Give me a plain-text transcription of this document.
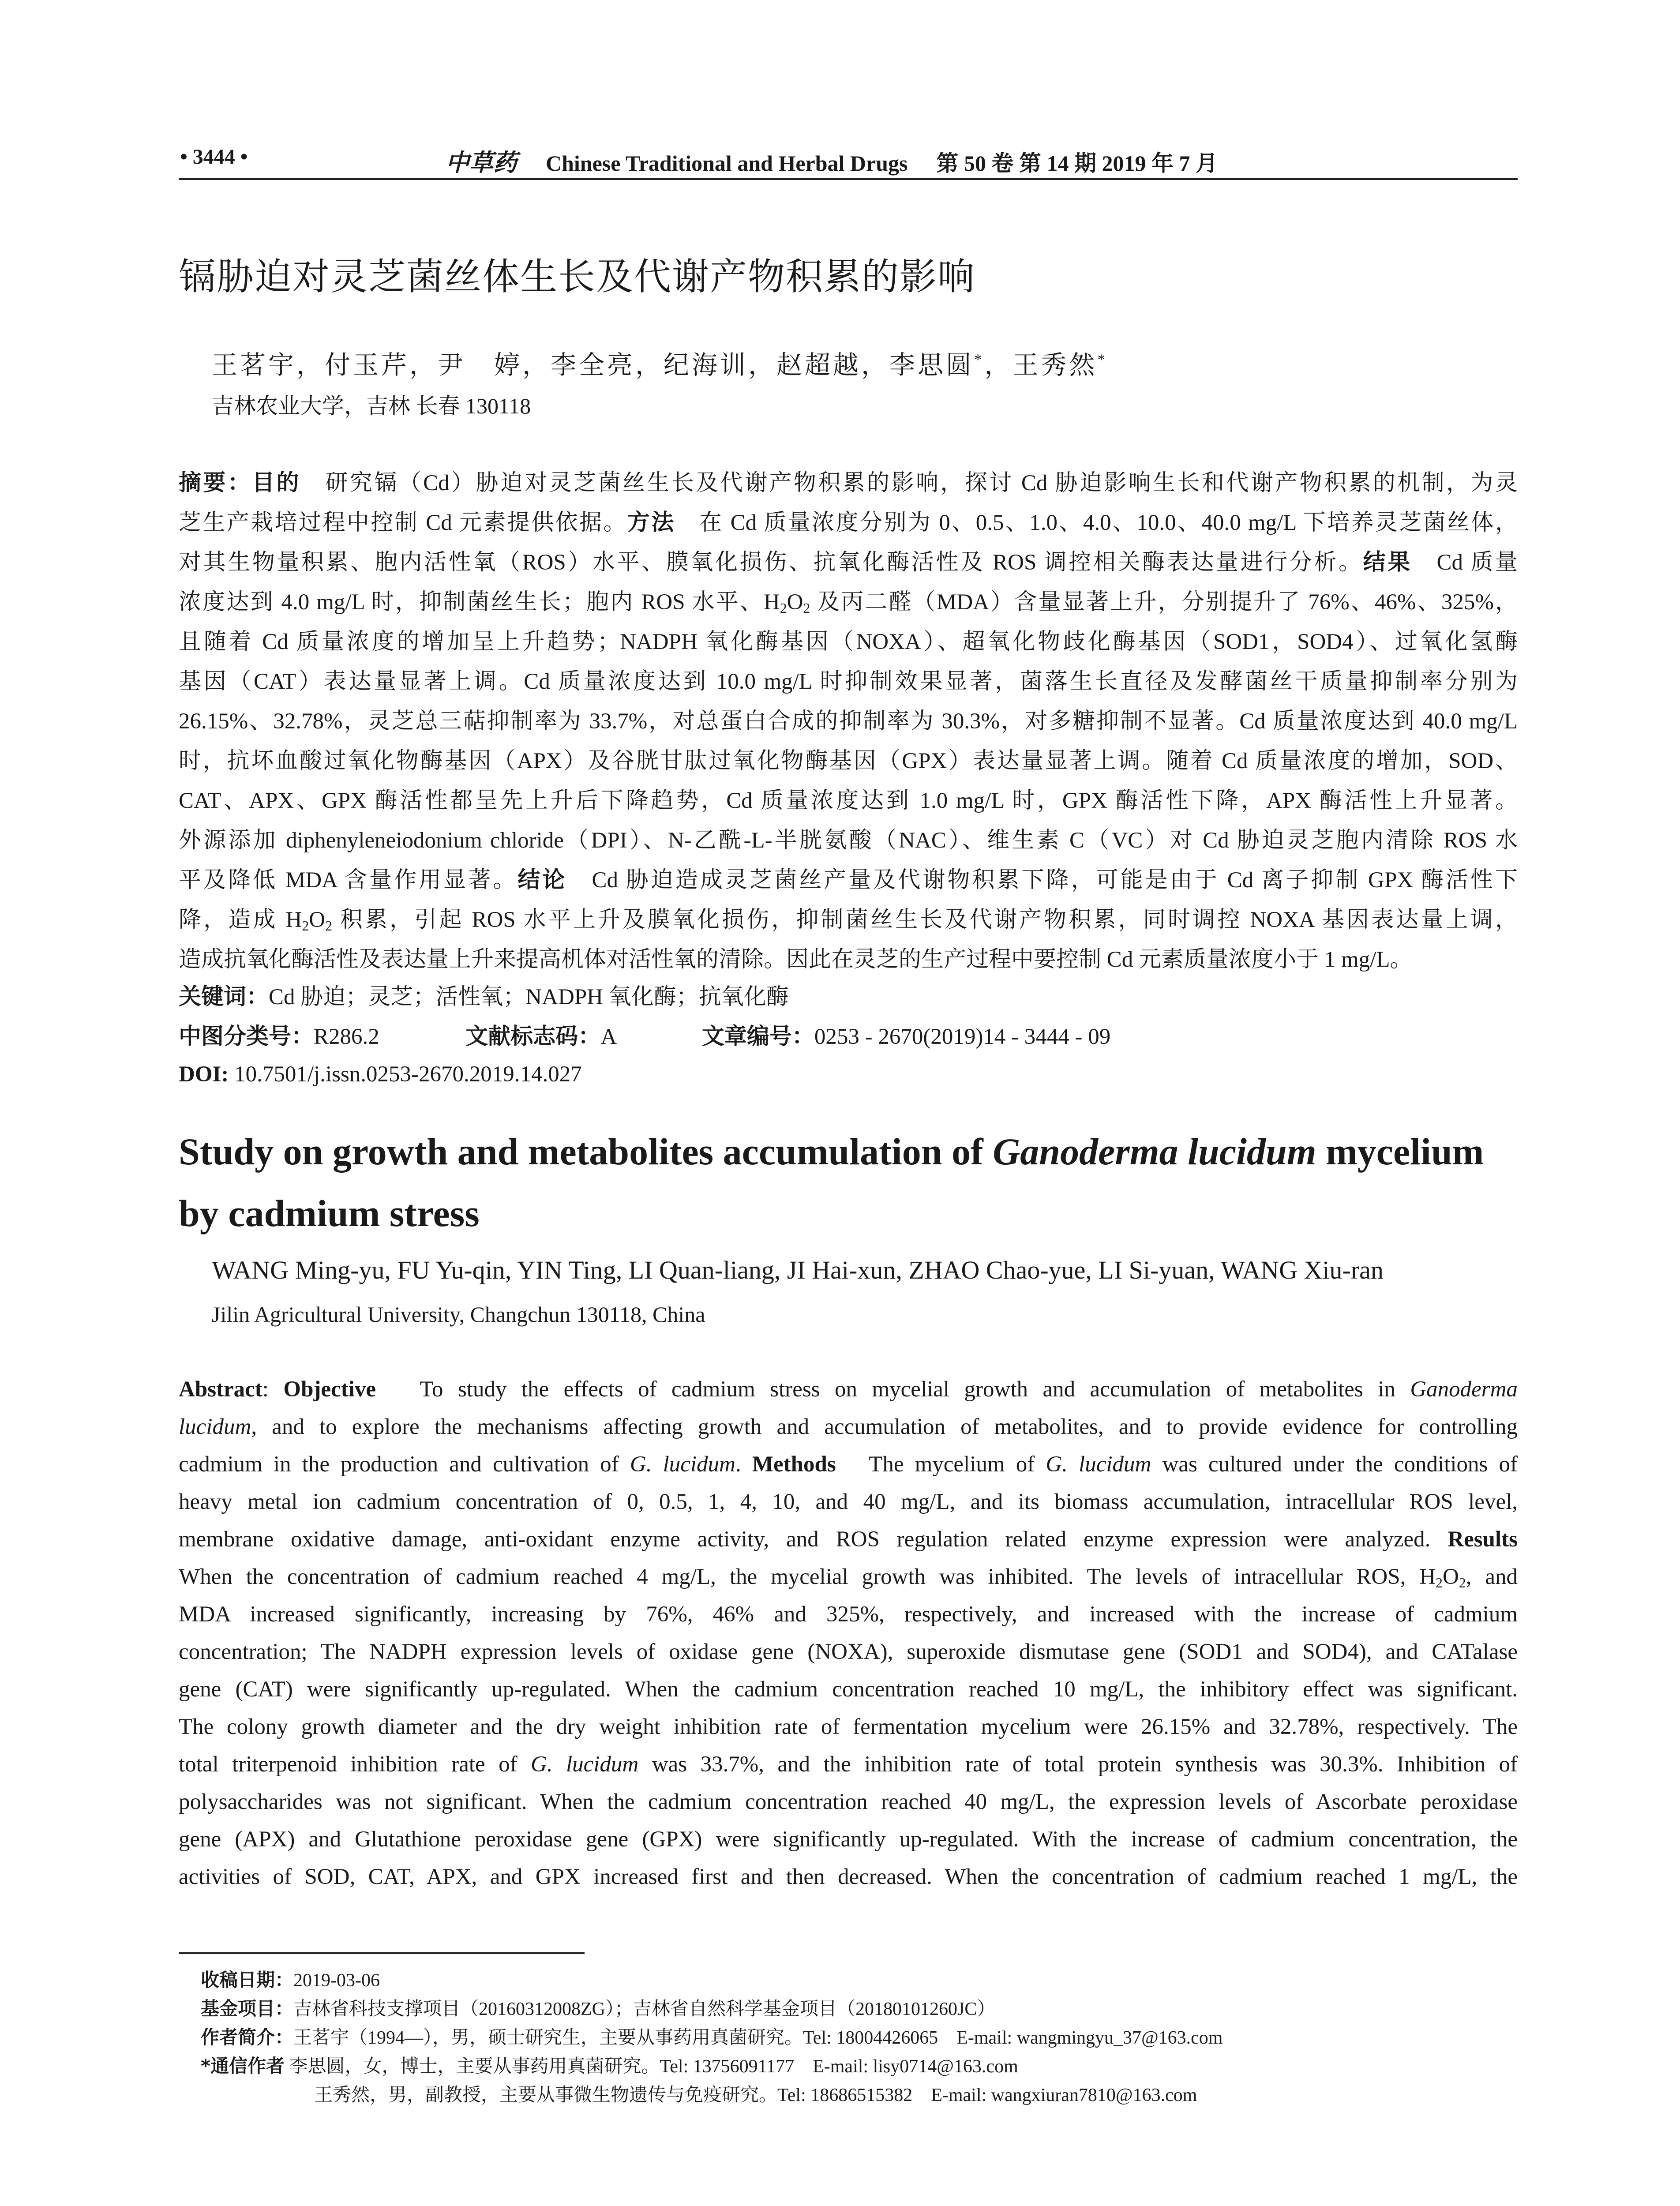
• 3444 •	中草药 Chinese Traditional and Herbal Drugs 第 50 卷 第 14 期 2019 年 7 月
镉胁迫对灵芝菌丝体生长及代谢产物积累的影响
王茗宇，付玉芹，尹　婷，李全亮，纪海训，赵超越，李思圆*，王秀然*
吉林农业大学，吉林 长春 130118
摘要：目的　研究镉（Cd）胁迫对灵芝菌丝生长及代谢产物积累的影响，探讨 Cd 胁迫影响生长和代谢产物积累的机制，为灵
芝生产栽培过程中控制 Cd 元素提供依据。方法　 在 Cd 质量浓度分别为 0、0.5、1.0、4.0、10.0、40.0 mg/L 下培养灵芝菌丝体，
对其生物量积累、胞内活性氧（ROS）水平、膜氧化损伤、抗氧化酶活性及 ROS 调控相关酶表达量进行分析。结果　 Cd 质量
浓度达到 4.0 mg/L 时，抑制菌丝生长；胞内 ROS 水平、$H_2O_2$ 及丙二醛（MDA）含量显著上升，分别提升了 76%、46%、325%，
且随着 Cd 质量浓度的增加呈上升趋势；NADPH 氧化酶基因（NOXA）、超氧化物歧化酶基因（SOD1，SOD4）、过氧化氢酶
基因（CAT）表达量显著上调。Cd 质量浓度达到 10.0 mg/L 时抑制效果显著，菌落生长直径及发酵菌丝干质量抑制率分别为
26.15%、32.78%，灵芝总三萜抑制率为 33.7%，对总蛋白合成的抑制率为 30.3%，对多糖抑制不显著。Cd 质量浓度达到 40.0 mg/L
时，抗坏血酸过氧化物酶基因（APX）及谷胱甘肽过氧化物酶基因（GPX）表达量显著上调。随着 Cd 质量浓度的增加，SOD、
CAT、APX、GPX 酶活性都呈先上升后下降趋势，Cd 质量浓度达到 1.0 mg/L 时，GPX 酶活性下降，APX 酶活性上升显著。
外源添加 diphenyleneiodonium chloride（DPI）、N-乙酰-L-半胱氨酸（NAC）、维生素 C（VC）对 Cd 胁迫灵芝胞内清除 ROS 水
平及降低 MDA 含量作用显著。结论　Cd 胁迫造成灵芝菌丝产量及代谢物积累下降，可能是由于 Cd 离子抑制 GPX 酶活性下
降，造成 $H_2O_2$ 积累，引起 ROS 水平上升及膜氧化损伤，抑制菌丝生长及代谢产物积累，同时调控 NOXA 基因表达量上调，
造成抗氧化酶活性及表达量上升来提高机体对活性氧的清除。因此在灵芝的生产过程中要控制 Cd 元素质量浓度小于 1 mg/L。
关键词：Cd 胁迫；灵芝；活性氧；NADPH 氧化酶；抗氧化酶
中图分类号：R286.2	文献标志码：A	文章编号：0253 - 2670(2019)14 - 3444 - 09
DOI: 10.7501/j.issn.0253-2670.2019.14.027
Study on growth and metabolites accumulation of Ganoderma lucidum mycelium
by cadmium stress
WANG Ming-yu, FU Yu-qin, YIN Ting, LI Quan-liang, JI Hai-xun, ZHAO Chao-yue, LI Si-yuan, WANG Xiu-ran
Jilin Agricultural University, Changchun 130118, China
Abstract: Objective To study the effects of cadmium stress on mycelial growth and accumulation of metabolites in Ganoderma
lucidum, and to explore the mechanisms affecting growth and accumulation of metabolites, and to provide evidence for controlling
cadmium in the production and cultivation of G. lucidum. Methods The mycelium of G. lucidum was cultured under the conditions of
heavy metal ion cadmium concentration of 0, 0.5, 1, 4, 10, and 40 mg/L, and its biomass accumulation, intracellular ROS level,
membrane oxidative damage, anti-oxidant enzyme activity, and ROS regulation related enzyme expression were analyzed. Results
When the concentration of cadmium reached 4 mg/L, the mycelial growth was inhibited. The levels of intracellular ROS, $H_2O_2$, and
MDA increased significantly, increasing by 76%, 46% and 325%, respectively, and increased with the increase of cadmium
concentration; The NADPH expression levels of oxidase gene (NOXA), superoxide dismutase gene (SOD1 and SOD4), and CATalase
gene (CAT) were significantly up-regulated. When the cadmium concentration reached 10 mg/L, the inhibitory effect was significant.
The colony growth diameter and the dry weight inhibition rate of fermentation mycelium were 26.15% and 32.78%, respectively. The
total triterpenoid inhibition rate of G. lucidum was 33.7%, and the inhibition rate of total protein synthesis was 30.3%. Inhibition of
polysaccharides was not significant. When the cadmium concentration reached 40 mg/L, the expression levels of Ascorbate peroxidase
gene (APX) and Glutathione peroxidase gene (GPX) were significantly up-regulated. With the increase of cadmium concentration, the
activities of SOD, CAT, APX, and GPX increased first and then decreased. When the concentration of cadmium reached 1 mg/L, the
收稿日期：2019-03-06
基金项目：吉林省科技支撑项目（20160312008ZG）；吉林省自然科学基金项目（20180101260JC）
作者简介：王茗宇（1994—），男，硕士研究生，主要从事药用真菌研究。Tel: 18004426065　E-mail: wangmingyu_37@163.com
*通信作者 李思圆，女，博士，主要从事药用真菌研究。Tel: 13756091177　E-mail: lisy0714@163.com
王秀然，男，副教授，主要从事微生物遗传与免疫研究。Tel: 18686515382　E-mail: wangxiuran7810@163.com
